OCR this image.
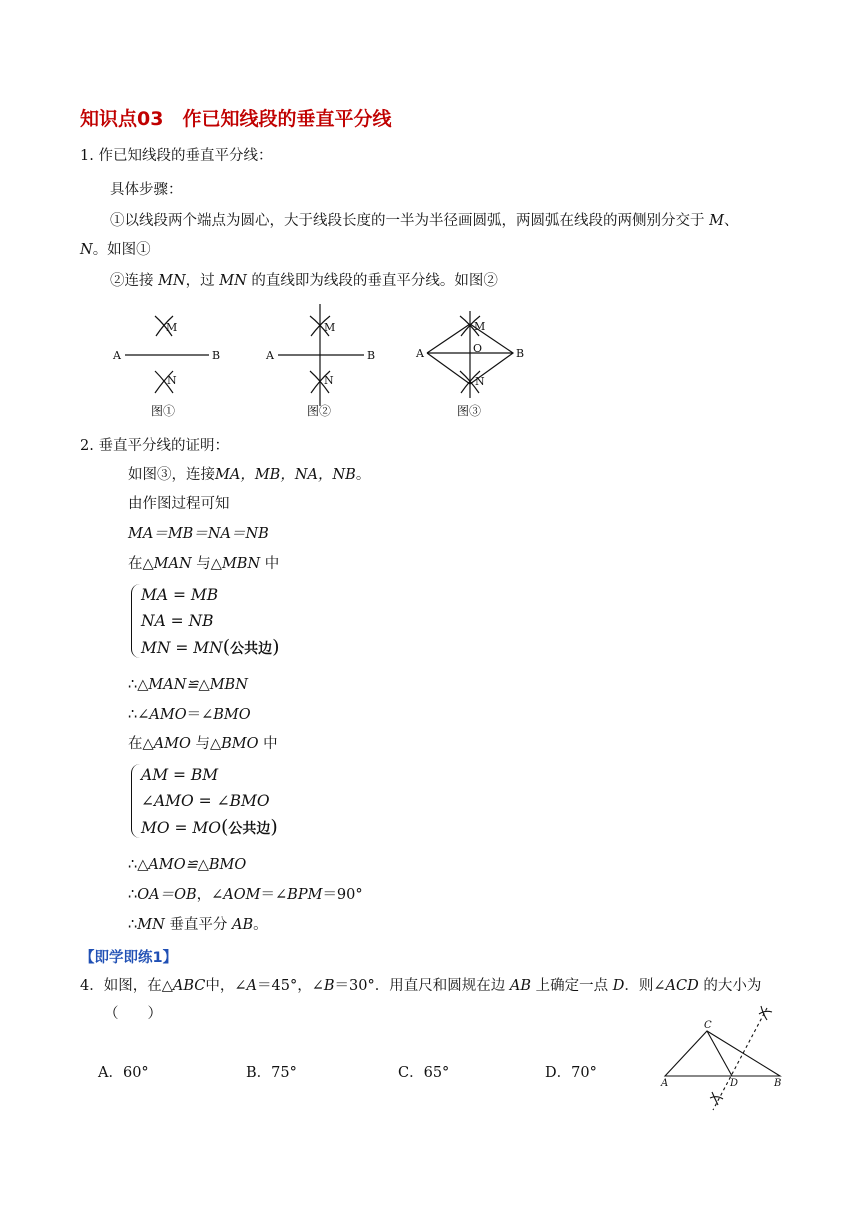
知识点03　作已知线段的垂直平分线
1. 作已知线段的垂直平分线：
具体步骤：
①以线段两个端点为圆心，大于线段长度的一半为半径画圆弧，两圆弧在线段的两侧别分交于 M、
N。如图①
②连接 MN，过 MN 的直线即为线段的垂直平分线。如图②
A	B
M
N
A	B
M
N
A	B
M
O
N
图①	图②	图③
2. 垂直平分线的证明：
如图③，连接MA，MB，NA，NB。
由作图过程可知
MA＝MB＝NA＝NB
在△MAN 与△MBN 中
MA = MB
NA = NB
MN = MN(公共边)
∴△MAN≌△MBN
∴∠AMO＝∠BMO
在△AMO 与△BMO 中
AM = BM
∠AMO = ∠BMO
MO = MO(公共边)
∴△AMO≌△BMO
∴OA＝OB，∠AOM＝∠BPM＝90°
∴MN 垂直平分 AB。
【即学即练1】
4．如图，在△ABC中，∠A＝45°，∠B＝30°．用直尺和圆规在边 AB 上确定一点 D．则∠ACD 的大小为
（　　）
A．60°	B．75°	C．65°	D．70°
A	B
C
D
